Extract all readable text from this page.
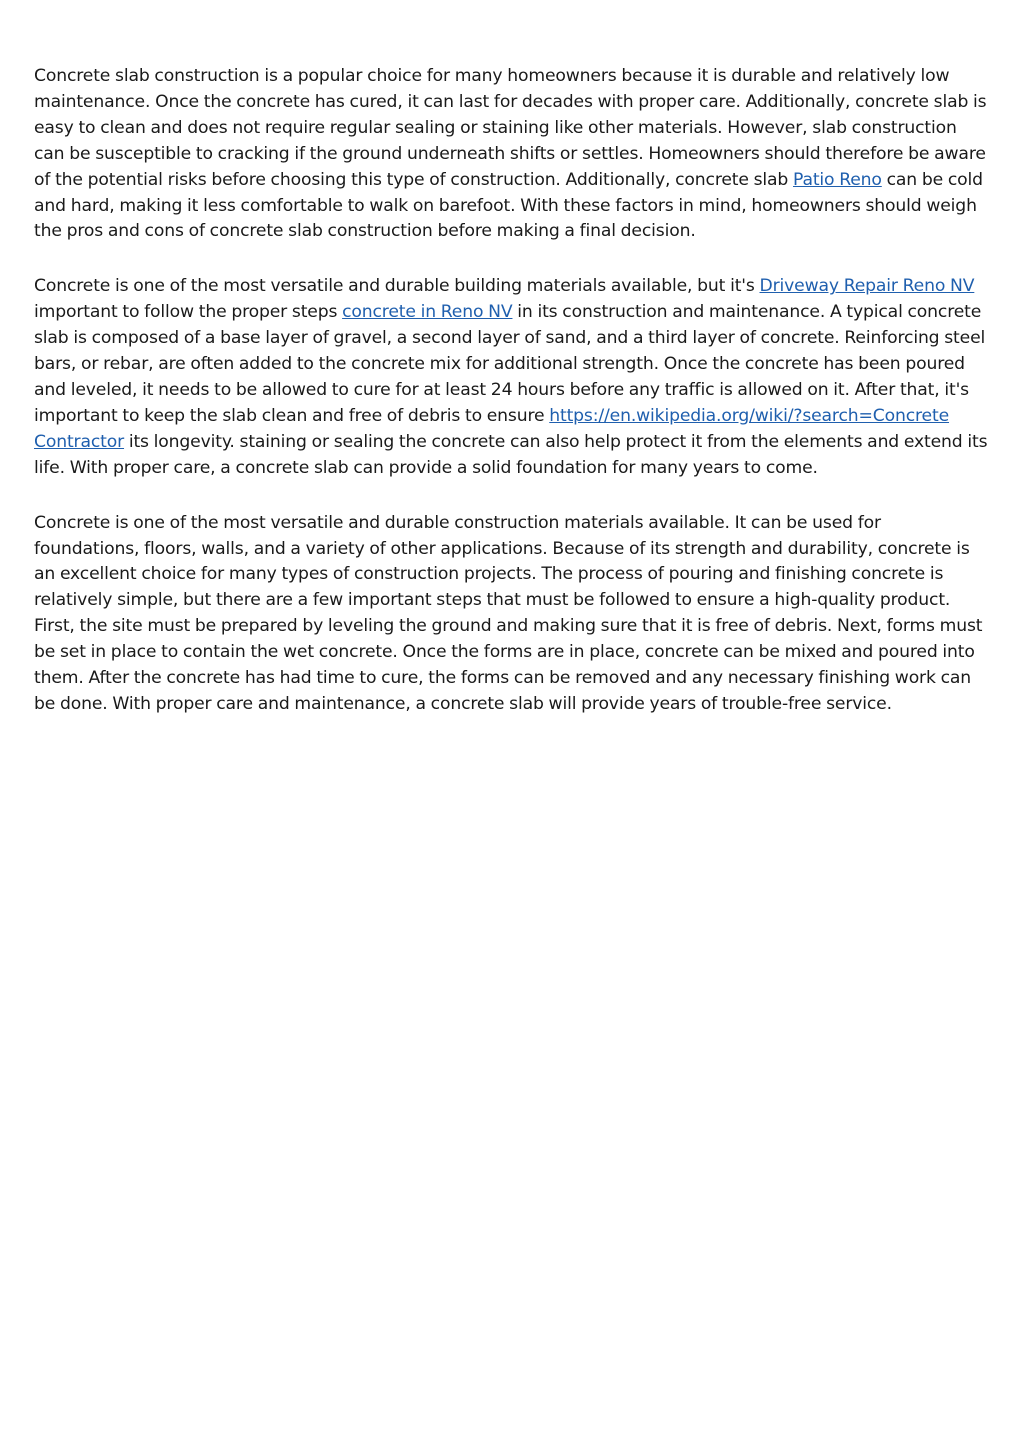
Concrete slab construction is a popular choice for many homeowners because it is durable and relatively low maintenance. Once the concrete has cured, it can last for decades with proper care. Additionally, concrete slab is easy to clean and does not require regular sealing or staining like other materials. However, slab construction can be susceptible to cracking if the ground underneath shifts or settles. Homeowners should therefore be aware of the potential risks before choosing this type of construction. Additionally, concrete slab Patio Reno can be cold and hard, making it less comfortable to walk on barefoot. With these factors in mind, homeowners should weigh the pros and cons of concrete slab construction before making a final decision.

Concrete is one of the most versatile and durable building materials available, but it's Driveway Repair Reno NV important to follow the proper steps concrete in Reno NV in its construction and maintenance. A typical concrete slab is composed of a base layer of gravel, a second layer of sand, and a third layer of concrete. Reinforcing steel bars, or rebar, are often added to the concrete mix for additional strength. Once the concrete has been poured and leveled, it needs to be allowed to cure for at least 24 hours before any traffic is allowed on it. After that, it's important to keep the slab clean and free of debris to ensure https://en.wikipedia.org/wiki/?search=Concrete Contractor its longevity. staining or sealing the concrete can also help protect it from the elements and extend its life. With proper care, a concrete slab can provide a solid foundation for many years to come.

Concrete is one of the most versatile and durable construction materials available. It can be used for foundations, floors, walls, and a variety of other applications. Because of its strength and durability, concrete is an excellent choice for many types of construction projects. The process of pouring and finishing concrete is relatively simple, but there are a few important steps that must be followed to ensure a high-quality product. First, the site must be prepared by leveling the ground and making sure that it is free of debris. Next, forms must be set in place to contain the wet concrete. Once the forms are in place, concrete can be mixed and poured into them. After the concrete has had time to cure, the forms can be removed and any necessary finishing work can be done. With proper care and maintenance, a concrete slab will provide years of trouble-free service.
